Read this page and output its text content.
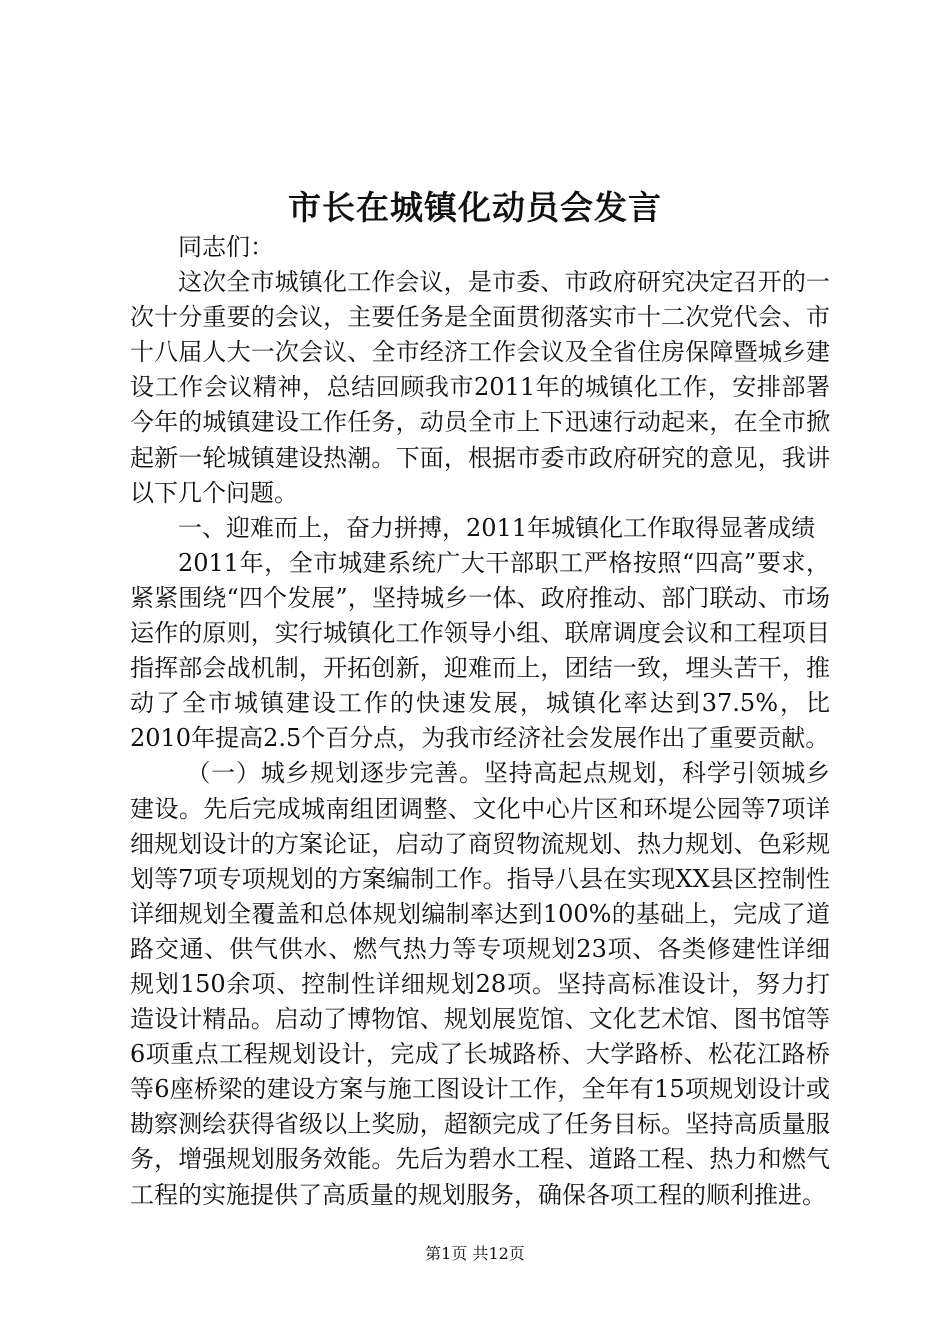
市长在城镇化动员会发言

同志们：

这次全市城镇化工作会议，是市委、市政府研究决定召开的一次十分重要的会议，主要任务是全面贯彻落实市十二次党代会、市十八届人大一次会议、全市经济工作会议及全省住房保障暨城乡建设工作会议精神，总结回顾我市2011年的城镇化工作，安排部署今年的城镇建设工作任务，动员全市上下迅速行动起来，在全市掀起新一轮城镇建设热潮。下面，根据市委市政府研究的意见，我讲以下几个问题。

一、迎难而上，奋力拼搏，2011年城镇化工作取得显著成绩

2011年，全市城建系统广大干部职工严格按照“四高”要求，紧紧围绕“四个发展”，坚持城乡一体、政府推动、部门联动、市场运作的原则，实行城镇化工作领导小组、联席调度会议和工程项目指挥部会战机制，开拓创新，迎难而上，团结一致，埋头苦干，推动了全市城镇建设工作的快速发展，城镇化率达到37.5%，比2010年提高2.5个百分点，为我市经济社会发展作出了重要贡献。

（一）城乡规划逐步完善。坚持高起点规划，科学引领城乡建设。先后完成城南组团调整、文化中心片区和环堤公园等7项详细规划设计的方案论证，启动了商贸物流规划、热力规划、色彩规划等7项专项规划的方案编制工作。指导八县在实现XX县区控制性详细规划全覆盖和总体规划编制率达到100%的基础上，完成了道路交通、供气供水、燃气热力等专项规划23项、各类修建性详细规划150余项、控制性详细规划28项。坚持高标准设计，努力打造设计精品。启动了博物馆、规划展览馆、文化艺术馆、图书馆等6项重点工程规划设计，完成了长城路桥、大学路桥、松花江路桥等6座桥梁的建设方案与施工图设计工作，全年有15项规划设计或勘察测绘获得省级以上奖励，超额完成了任务目标。坚持高质量服务，增强规划服务效能。先后为碧水工程、道路工程、热力和燃气工程的实施提供了高质量的规划服务，确保各项工程的顺利推进。

第1页 共12页
